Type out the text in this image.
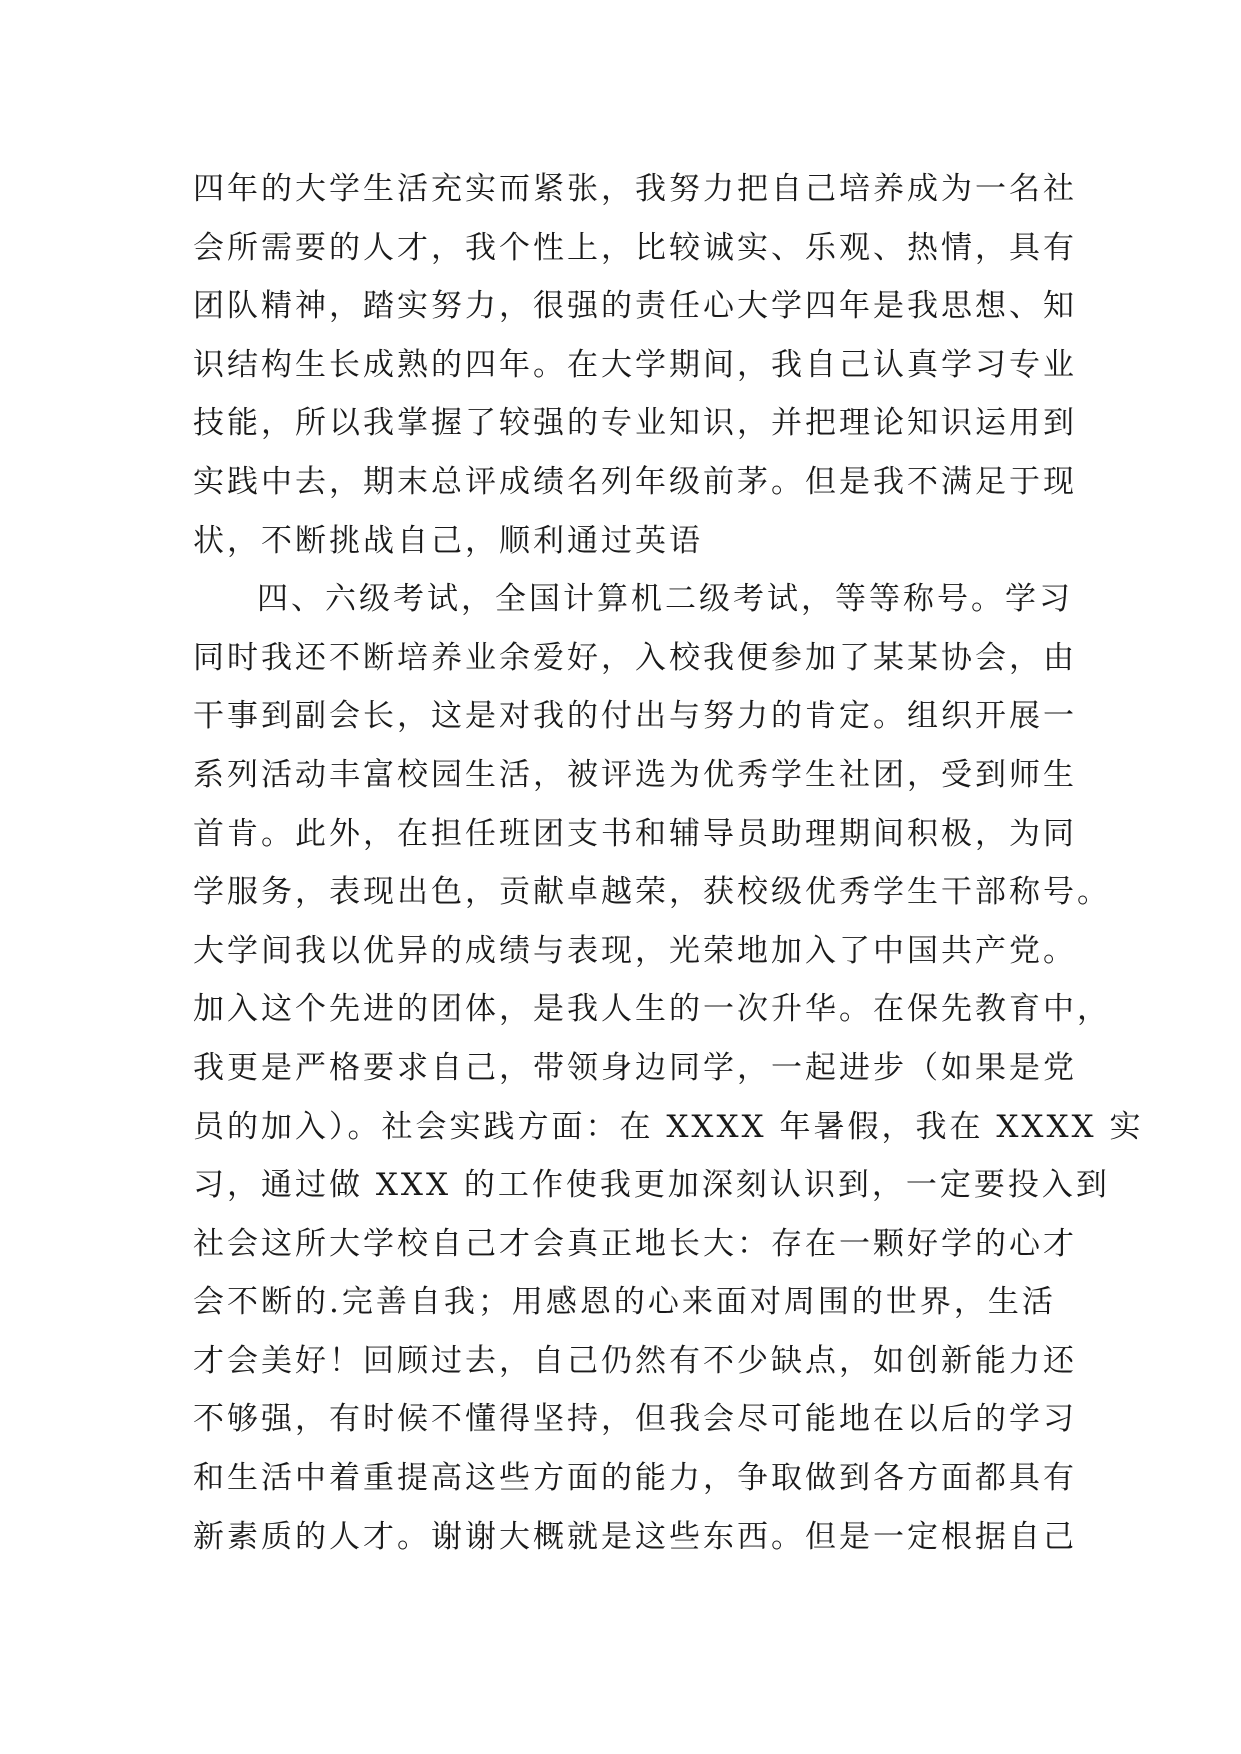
四年的大学生活充实而紧张，我努力把自己培养成为一名社
会所需要的人才，我个性上，比较诚实、乐观、热情，具有
团队精神，踏实努力，很强的责任心大学四年是我思想、知
识结构生长成熟的四年。在大学期间，我自己认真学习专业
技能，所以我掌握了较强的专业知识，并把理论知识运用到
实践中去，期末总评成绩名列年级前茅。但是我不满足于现
状，不断挑战自己，顺利通过英语
四、六级考试，全国计算机二级考试，等等称号。学习
同时我还不断培养业余爱好，入校我便参加了某某协会，由
干事到副会长，这是对我的付出与努力的肯定。组织开展一
系列活动丰富校园生活，被评选为优秀学生社团，受到师生
首肯。此外，在担任班团支书和辅导员助理期间积极，为同
学服务，表现出色，贡献卓越荣，获校级优秀学生干部称号。
大学间我以优异的成绩与表现，光荣地加入了中国共产党。
加入这个先进的团体，是我人生的一次升华。在保先教育中，
我更是严格要求自己，带领身边同学，一起进步（如果是党
员的加入）。社会实践方面：在 XXXX 年暑假，我在 XXXX 实
习，通过做 XXX 的工作使我更加深刻认识到，一定要投入到
社会这所大学校自己才会真正地长大：存在一颗好学的心才
会不断的.完善自我；用感恩的心来面对周围的世界，生活
才会美好！回顾过去，自己仍然有不少缺点，如创新能力还
不够强，有时候不懂得坚持，但我会尽可能地在以后的学习
和生活中着重提高这些方面的能力，争取做到各方面都具有
新素质的人才。谢谢大概就是这些东西。但是一定根据自己
